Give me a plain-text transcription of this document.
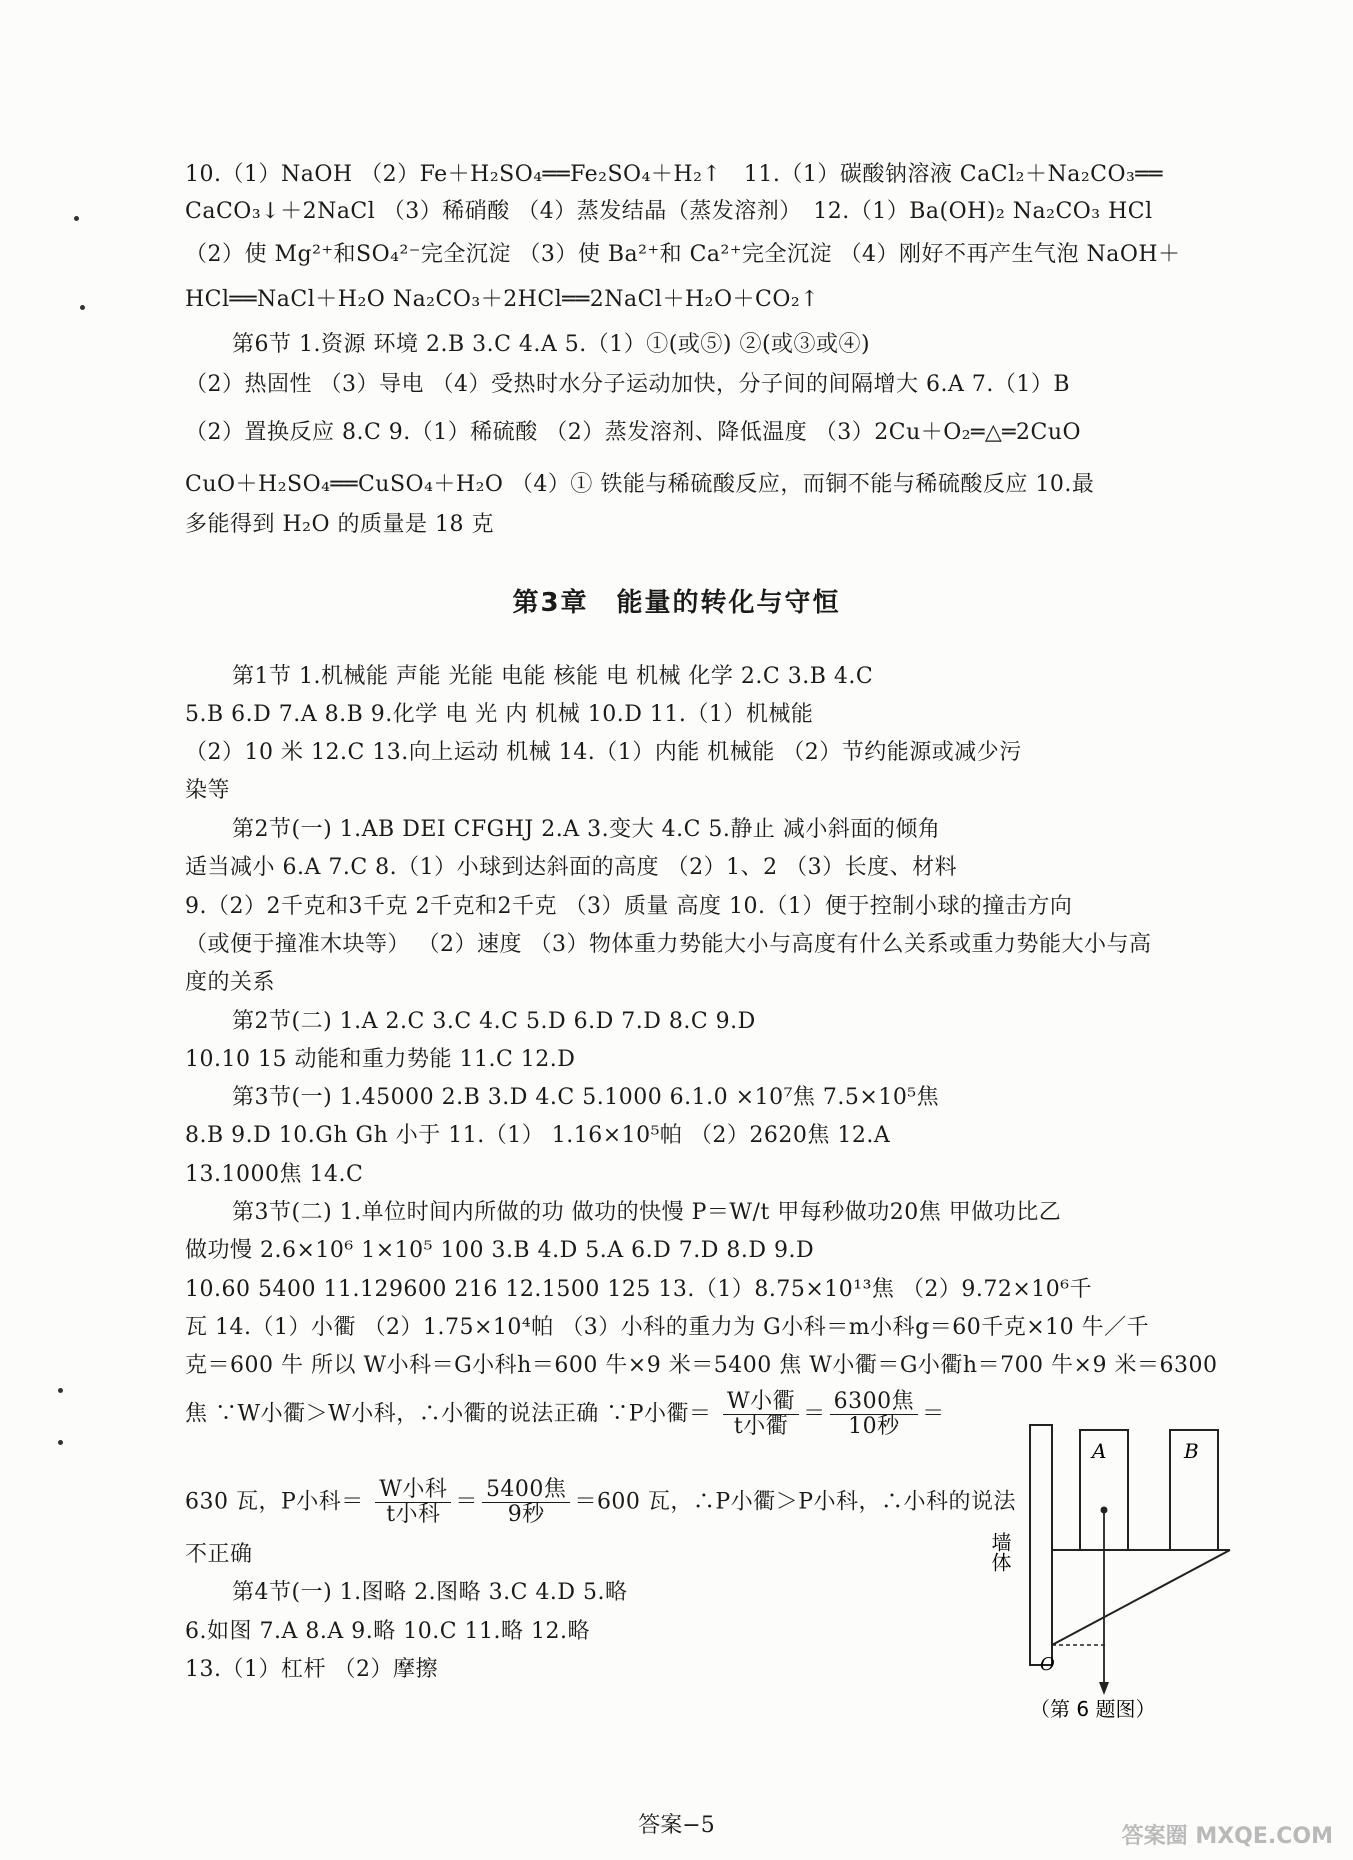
10.（1）NaOH （2）Fe＋H₂SO₄══Fe₂SO₄＋H₂↑　11.（1）碳酸钠溶液 CaCl₂＋Na₂CO₃══
CaCO₃↓＋2NaCl （3）稀硝酸 （4）蒸发结晶（蒸发溶剂）　12.（1）Ba(OH)₂ Na₂CO₃ HCl
（2）使 Mg²⁺和SO₄²⁻完全沉淀 （3）使 Ba²⁺和 Ca²⁺完全沉淀 （4）刚好不再产生气泡 NaOH＋
HCl══NaCl＋H₂O Na₂CO₃＋2HCl══2NaCl＋H₂O＋CO₂↑
第6节 1.资源 环境 2.B 3.C 4.A 5.（1）①(或⑤) ②(或③或④)
（2）热固性 （3）导电 （4）受热时水分子运动加快，分子间的间隔增大 6.A 7.（1）B
（2）置换反应 8.C 9.（1）稀硫酸 （2）蒸发溶剂、降低温度 （3）2Cu＋O₂═△═2CuO
CuO＋H₂SO₄══CuSO₄＋H₂O （4）① 铁能与稀硫酸反应，而铜不能与稀硫酸反应 10.最
多能得到 H₂O 的质量是 18 克
第3章　能量的转化与守恒
第1节 1.机械能 声能 光能 电能 核能 电 机械 化学 2.C 3.B 4.C
5.B 6.D 7.A 8.B 9.化学 电 光 内 机械 10.D 11.（1）机械能
（2）10 米 12.C 13.向上运动 机械 14.（1）内能 机械能 （2）节约能源或减少污
染等
第2节(一) 1.AB DEI CFGHJ 2.A 3.变大 4.C 5.静止 减小斜面的倾角
适当减小 6.A 7.C 8.（1）小球到达斜面的高度 （2）1、2 （3）长度、材料
9.（2）2千克和3千克 2千克和2千克 （3）质量 高度 10.（1）便于控制小球的撞击方向
（或便于撞准木块等） （2）速度 （3）物体重力势能大小与高度有什么关系或重力势能大小与高
度的关系
第2节(二) 1.A 2.C 3.C 4.C 5.D 6.D 7.D 8.C 9.D
10.10 15 动能和重力势能 11.C 12.D
第3节(一) 1.45000 2.B 3.D 4.C 5.1000 6.1.0 ×10⁷焦 7.5×10⁵焦
8.B 9.D 10.Gh Gh 小于 11.（1） 1.16×10⁵帕 （2）2620焦 12.A
13.1000焦 14.C
第3节(二) 1.单位时间内所做的功 做功的快慢 P＝W/t 甲每秒做功20焦 甲做功比乙
做功慢 2.6×10⁶ 1×10⁵ 100 3.B 4.D 5.A 6.D 7.D 8.D 9.D
10.60 5400 11.129600 216 12.1500 125 13.（1）8.75×10¹³焦 （2）9.72×10⁶千
瓦 14.（1）小衢 （2）1.75×10⁴帕 （3）小科的重力为 G小科＝m小科g＝60千克×10 牛／千
克＝600 牛 所以 W小科＝G小科h＝600 牛×9 米＝5400 焦 W小衢＝G小衢h＝700 牛×9 米＝6300
焦 ∵W小衢＞W小科，∴小衢的说法正确 ∵P小衢＝ $\frac{\text{W小衢}}{\text{t小衢}} = \frac{\text{6300焦}}{\text{10秒}}$ ＝
630 瓦，P小科＝ $\frac{\text{W小科}}{\text{t小科}} = \frac{\text{5400焦}}{\text{9秒}} =600$ 瓦，∴P小衢＞P小科，∴小科的说法
不正确
第4节(一) 1.图略 2.图略 3.C 4.D 5.略
6.如图 7.A 8.A 9.略 10.C 11.略 12.略
13.（1）杠杆 （2）摩擦
A	B
O
墙体
（第 6 题图）
答案−5	答案圈 MXQE.COM
